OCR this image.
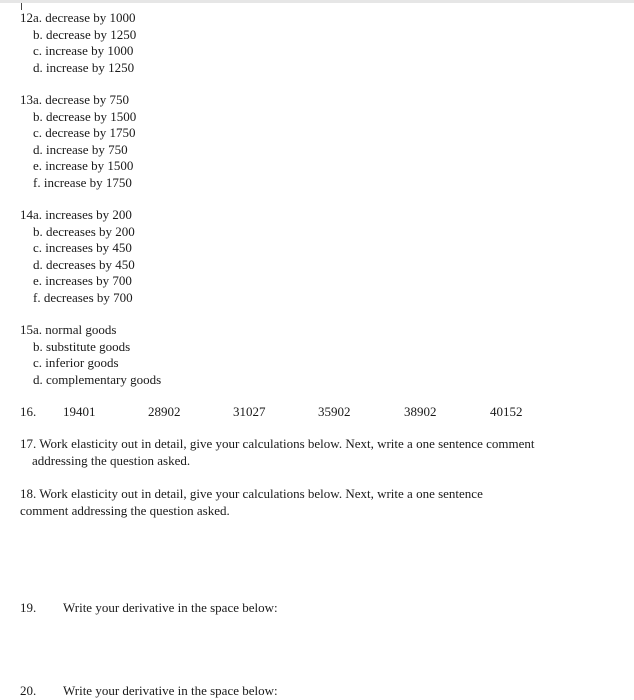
12a. decrease by 1000
b. decrease by 1250
c. increase by 1000
d. increase by 1250
13a. decrease by 750
b. decrease by 1500
c. decrease by 1750
d. increase by 750
e. increase by 1500
f. increase by 1750
14a. increases by 200
b. decreases by 200
c. increases by 450
d. decreases by 450
e. increases by 700
f. decreases by 700
15a. normal goods
b. substitute goods
c. inferior goods
d. complementary goods
16. 19401	28902	31027	35902	38902	40152
17. Work elasticity out in detail, give your calculations below. Next, write a one sentence comment
addressing the question asked.
18. Work elasticity out in detail, give your calculations below. Next, write a one sentence
comment addressing the question asked.
19. Write your derivative in the space below:
20. Write your derivative in the space below:
